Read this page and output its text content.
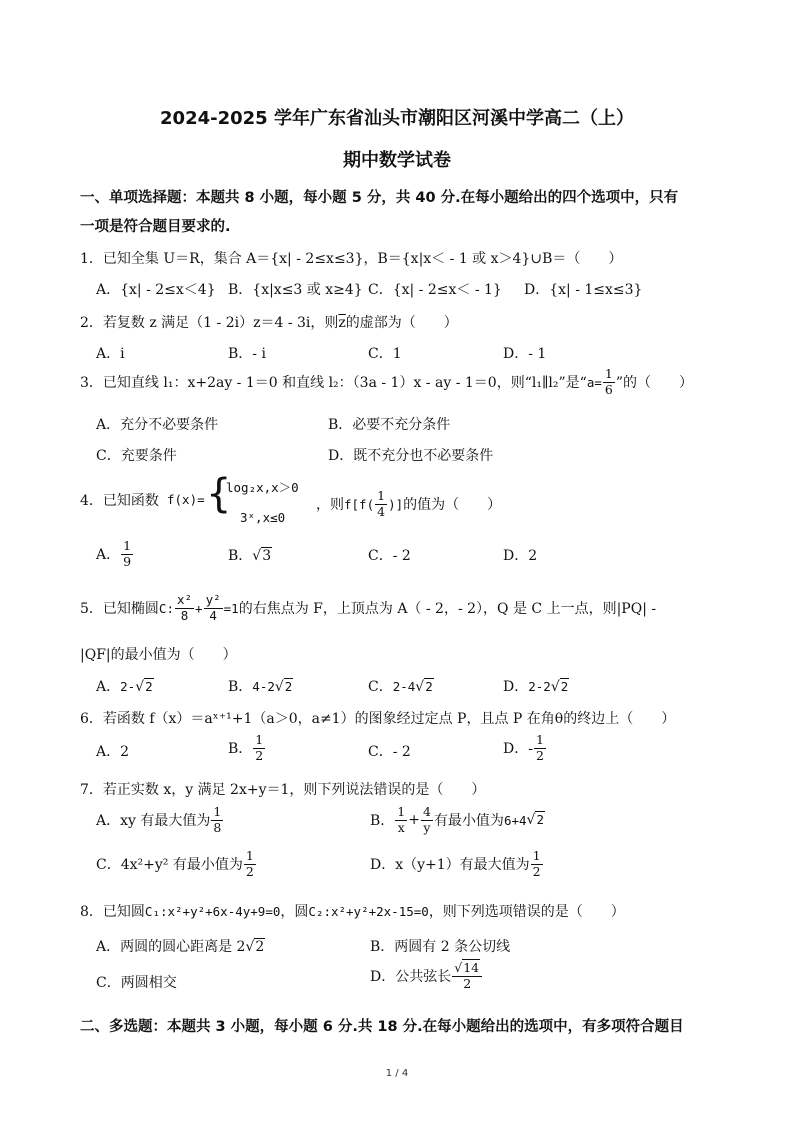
2024-2025 学年广东省汕头市潮阳区河溪中学高二（上）
期中数学试卷
一、单项选择题：本题共 8 小题，每小题 5 分，共 40 分.在每小题给出的四个选项中，只有
一项是符合题目要求的.
1．已知全集 U＝R，集合 A＝{x| - 2≤x≤3}，B＝{x|x＜ - 1 或 x＞4}∪B＝（　　）
A．{x| - 2≤x＜4} B．{x|x≤3 或 x≥4} C．{x| - 2≤x＜ - 1} D．{x| - 1≤x≤3}
2．若复数 z 满足（1 - 2i）z＝4 - 3i，则$\overline{z}$的虚部为（　　）
A．i	B．- i	C．1	D．- 1
3．已知直线 l₁：x+2ay - 1＝0 和直线 l₂：（3a - 1）x - ay - 1＝0，则“l₁∥l₂”是“ $a= \frac{1}{6}$ ”的（　　）
A．充分不必要条件	B．必要不充分条件
C．充要条件	D．既不充分也不必要条件
4．已知函数 f(x)= {
log₂x,x＞0
3ˣ,x≤0
，则 $f[f( \frac{1}{4}$ )] 的值为（　　）
A． $\frac{1}{9}$	B．√3	C．- 2	D．2
5．已知椭圆 C: $\frac{\text{x²}}{8} + \frac{\text{y²}}{4} =1$ 的右焦点为 F，上顶点为 A（ - 2，- 2），Q 是 C 上一点，则|PQ| -
|QF|的最小值为（　　）
A．2-√2	B．4-2√2	C．2-4√2	D．2-2√2
6．若函数 f（x）＝aˣ⁺¹+1（a＞0，a≠1）的图象经过定点 P，且点 P 在角θ的终边上（　　）
A．2	B． $\frac{1}{2}$	C．- 2	D．- $\frac{1}{2}$
7．若正实数 x，y 满足 2x+y＝1，则下列说法错误的是（　　）
A．xy 有最大值为 $\frac{1}{8}$	B． $\frac{1}{x} + \frac{4}{y}$ 有最小值为 6+4 √2
C．4x²+y² 有最小值为 $\frac{1}{2}$	D．x（y+1）有最大值为 $\frac{1}{2}$
8．已知圆 C₁:x²+y²+6x-4y+9=0 ，圆 C₂:x²+y²+2x-15=0 ，则下列选项错误的是（　　）
A．两圆的圆心距离是 2√2	B．两圆有 2 条公切线
C．两圆相交	D．公共弦长 $\frac{√14}{2}$
二、多选题：本题共 3 小题，每小题 6 分.共 18 分.在每小题给出的选项中，有多项符合题目
1 / 4
